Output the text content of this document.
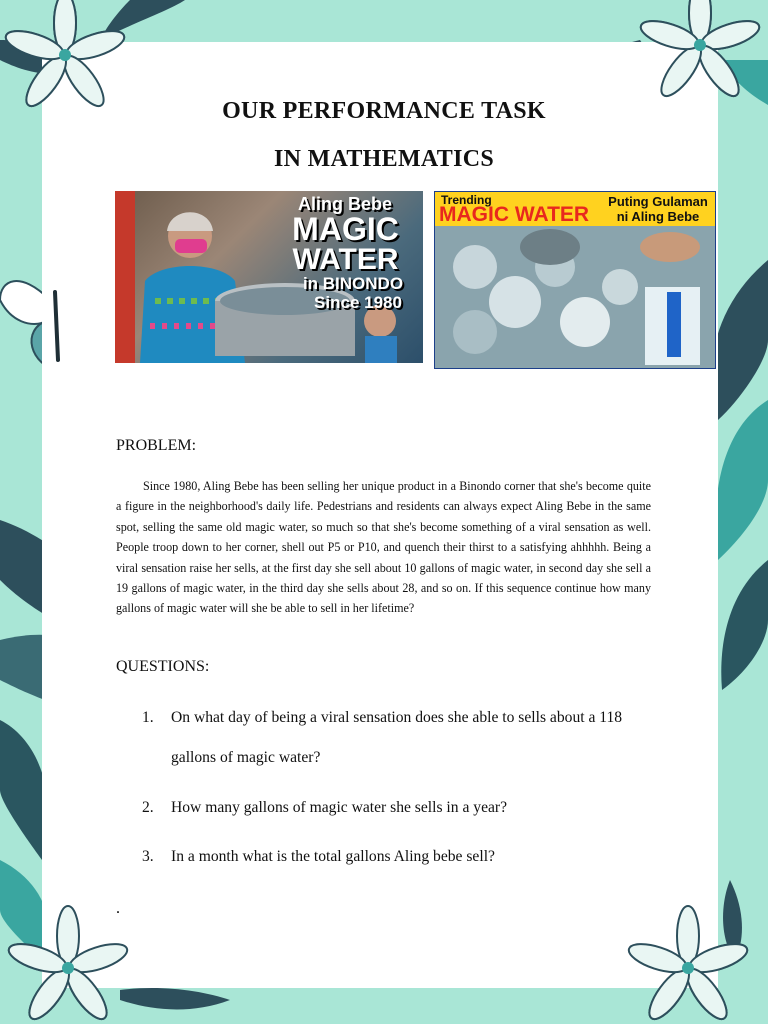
OUR PERFORMANCE TASK
IN MATHEMATICS
Aling Bebe
MAGIC
WATER
in BINONDO
Since 1980
Trending
MAGIC WATER
Puting Gulaman
ni Aling Bebe
PROBLEM:

Since 1980, Aling Bebe has been selling her unique product in a Binondo corner that she's become quite a figure in the neighborhood's daily life. Pedestrians and residents can always expect Aling Bebe in the same spot, selling the same old magic water, so much so that she's become something of a viral sensation as well. People troop down to her corner, shell out P5 or P10, and quench their thirst to a satisfying ahhhhh. Being a viral sensation raise her sells, at the first day she sell about 10 gallons of magic water, in second day she sell a 19 gallons of magic water, in the third day she sells about 28, and so on. If this sequence continue how many gallons of magic water will she be able to sell in her lifetime?

QUESTIONS:
1. On what day of being a viral sensation does she able to sells about a 118 gallons of magic water?
2. How many gallons of magic water she sells in a year?
3. In a month what is the total gallons Aling bebe sell?
.
